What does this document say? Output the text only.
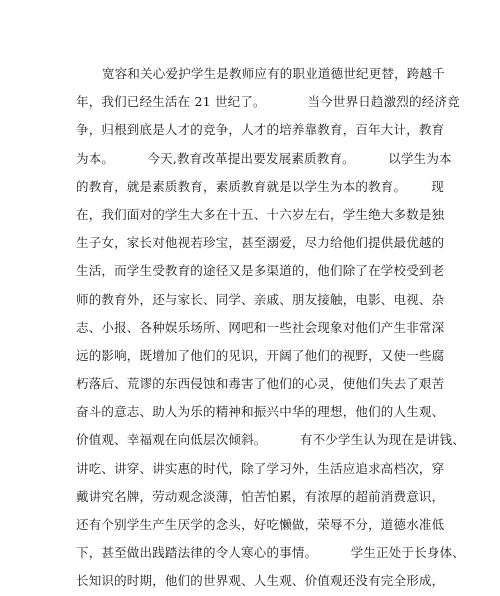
宽容和关心爱护学生是教师应有的职业道德世纪更替，跨越千
年，我们已经生活在 21 世纪了。          当今世界日趋激烈的经济竞
争，归根到底是人才的竞争，人才的培养靠教育，百年大计，教育
为本。        今天,教育改革提出要发展素质教育。        以学生为本
的教育，就是素质教育，素质教育就是以学生为本的教育。      现
在，我们面对的学生大多在十五、十六岁左右，学生绝大多数是独
生子女，家长对他视若珍宝，甚至溺爱，尽力给他们提供最优越的
生活，而学生受教育的途径又是多渠道的，他们除了在学校受到老
师的教育外，还与家长、同学、亲戚、朋友接触，电影、电视、杂
志、小报、各种娱乐场所、网吧和一些社会现象对他们产生非常深
远的影响，既增加了他们的见识，开阔了他们的视野，又使一些腐
朽落后、荒谬的东西侵蚀和毒害了他们的心灵，使他们失去了艰苦
奋斗的意志、助人为乐的精神和振兴中华的理想，他们的人生观、
价值观、幸福观在向低层次倾斜。        有不少学生认为现在是讲钱、
讲吃、讲穿、讲实惠的时代，除了学习外，生活应追求高档次，穿
戴讲究名牌，劳动观念淡薄，怕苦怕累，有浓厚的超前消费意识，
还有个别学生产生厌学的念头，好吃懒做，荣辱不分，道德水准低
下，甚至做出践踏法律的令人寒心的事情。        学生正处于长身体、
长知识的时期，他们的世界观、人生观、价值观还没有完全形成，
